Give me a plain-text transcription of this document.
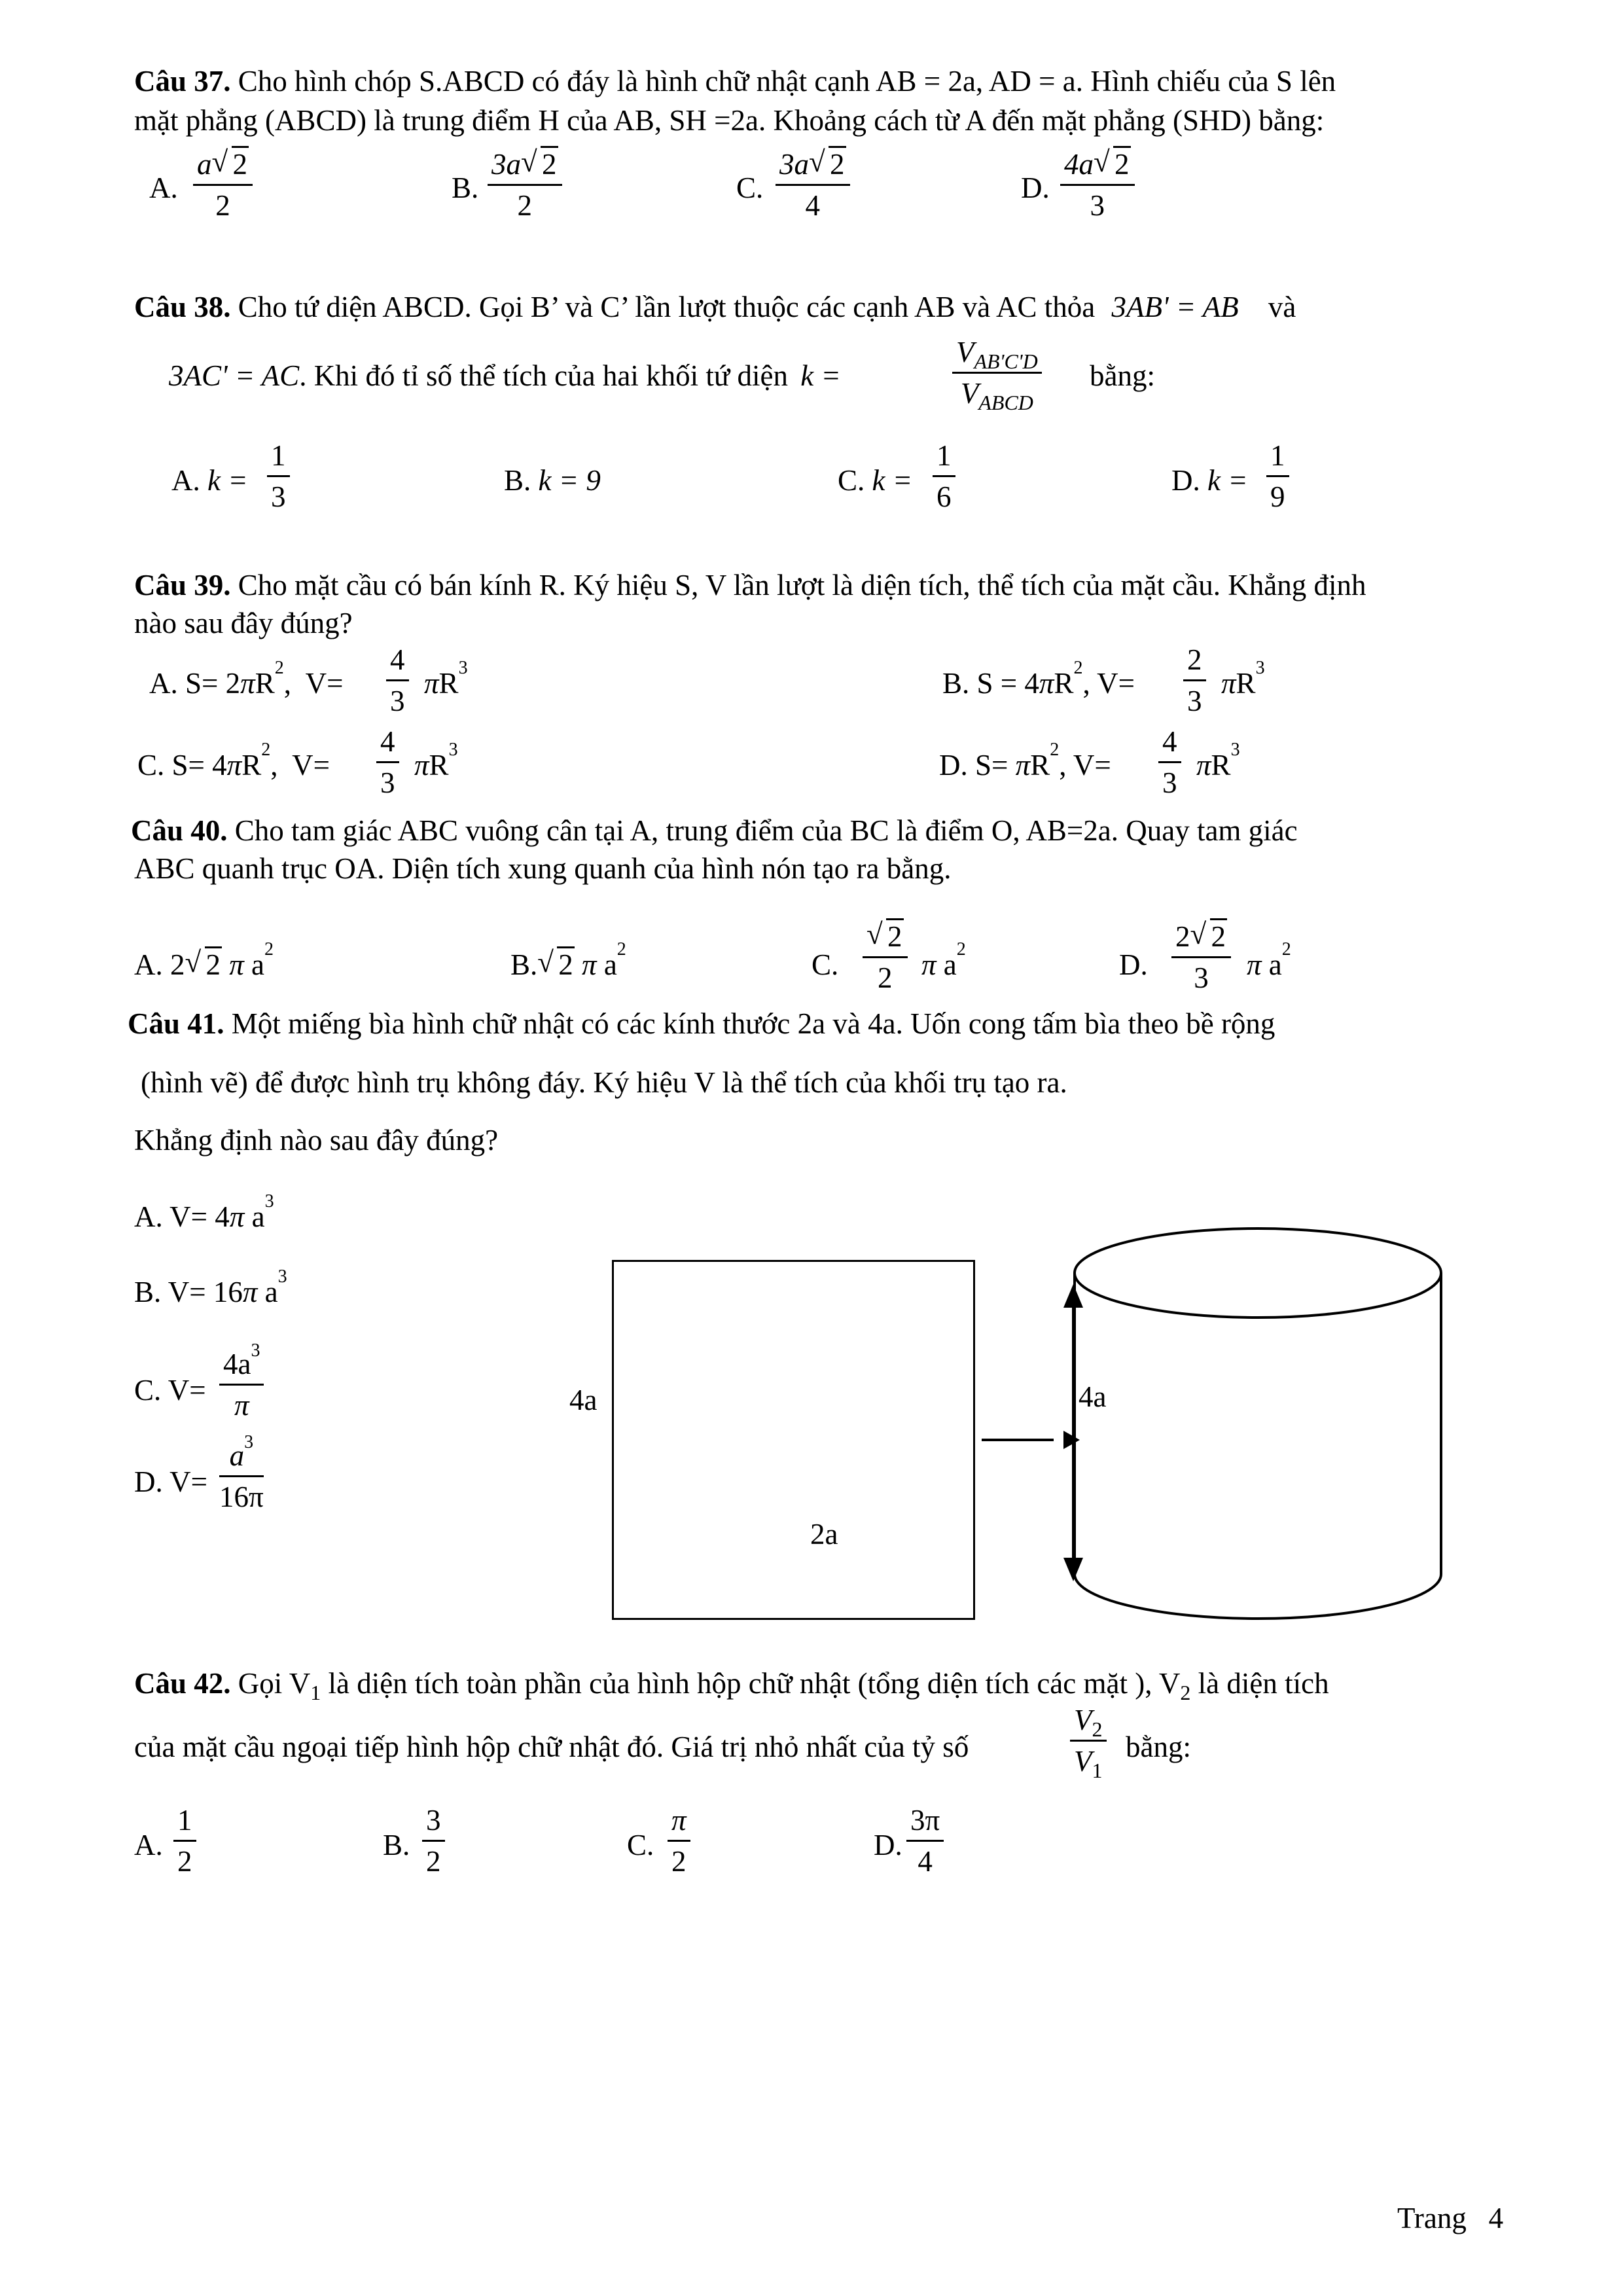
Câu 37. Cho hình chóp S.ABCD có đáy là hình chữ nhật cạnh AB = 2a, AD = a. Hình chiếu của S lên
mặt phẳng (ABCD) là trung điểm H của AB, SH =2a. Khoảng cách từ A đến mặt phẳng (SHD) bằng:
A.
a √ 2
2
B.
3a √ 2
2
C.
3a √ 2
4
D.
4a √ 2
3
Câu 38. Cho tứ diện ABCD. Gọi B’ và C’ lần lượt thuộc các cạnh AB và AC thỏa 3AB' = AB và
3AC' = AC. Khi đó tỉ số thể tích của hai khối tứ diện k =
$V_{AB'C'D}$
$V_{ABCD}$
bằng:
A. k =
1
3	B. k = 9	C. k =
1
6	D. k =
1
9
Câu 39. Cho mặt cầu có bán kính R. Ký hiệu S, V lần lượt là diện tích, thể tích của mặt cầu. Khẳng định
nào sau đây đúng?
A. $S= 2\pi R^2$,  V=
4
3
$\pi R^3$	B. $S = 4\pi R^2$, V=
2
3
$\pi R^3$
C. $S= 4\pi R^2$,  V=
4
3
$\pi R^3$	D. $S= \pi R^2$, V=
4
3
$\pi R^3$
Câu 40. Cho tam giác ABC vuông cân tại A, trung điểm của BC là điểm O, AB=2a. Quay tam giác
ABC quanh trục OA. Diện tích xung quanh của hình nón tạo ra bằng.
A. 2 √ 2 π $a^2$	B. √ 2 π $a^2$	C.
√ 2
2 π $a^2$	D.
2 √ 2
3 π $a^2$
Câu 41. Một miếng bìa hình chữ nhật có các kính thước 2a và 4a. Uốn cong tấm bìa theo bề rộng
(hình vẽ) để được hình trụ không đáy. Ký hiệu V là thể tích của khối trụ tạo ra.
Khẳng định nào sau đây đúng?
A. V= 4π $a^3$
B. V= 16π $a^3$
C. V=
$4a^3$
π
D. V=
$a^3$
16π
4a
2a
4a
Câu 42. Gọi $V_1$ là diện tích toàn phần của hình hộp chữ nhật (tổng diện tích các mặt ), $V_2$ là diện tích
của mặt cầu ngoại tiếp hình hộp chữ nhật đó. Giá trị nhỏ nhất của tỷ số
$V_2$
$V_1$
bằng:
A.
1
2	B.
3
2	C.
π
2	D.
3π
4
Trang 4
